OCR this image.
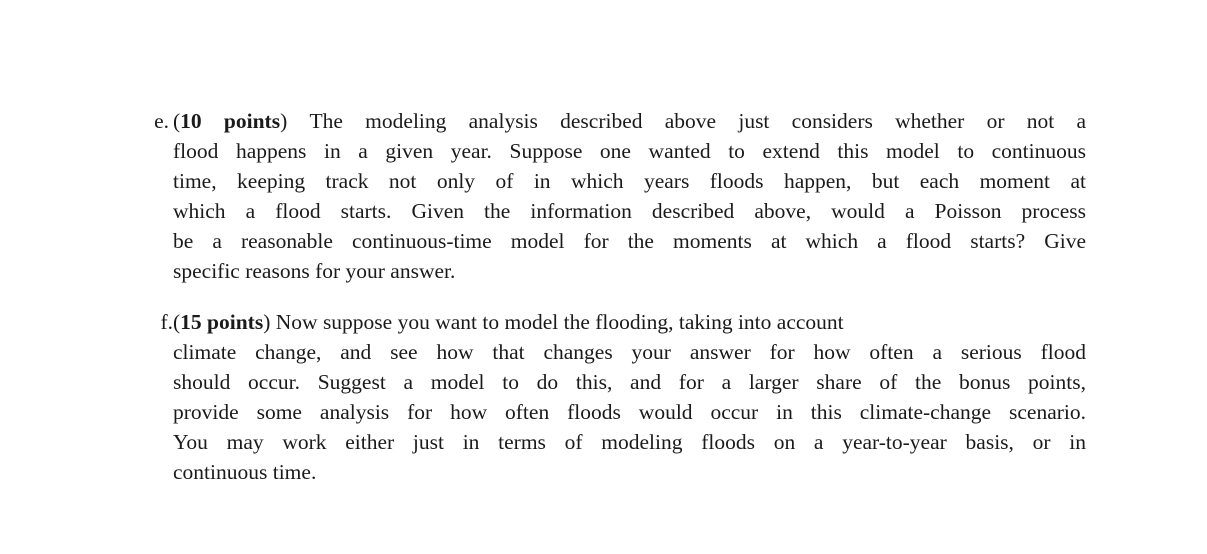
e. (10 points) The modeling analysis described above just considers whether or not a
flood happens in a given year. Suppose one wanted to extend this model to continuous
time, keeping track not only of in which years floods happen, but each moment at
which a flood starts. Given the information described above, would a Poisson process
be a reasonable continuous-time model for the moments at which a flood starts? Give
specific reasons for your answer.
f. (15 points) Now suppose you want to model the flooding, taking into account
climate change, and see how that changes your answer for how often a serious flood
should occur. Suggest a model to do this, and for a larger share of the bonus points,
provide some analysis for how often floods would occur in this climate-change scenario.
You may work either just in terms of modeling floods on a year-to-year basis, or in
continuous time.
